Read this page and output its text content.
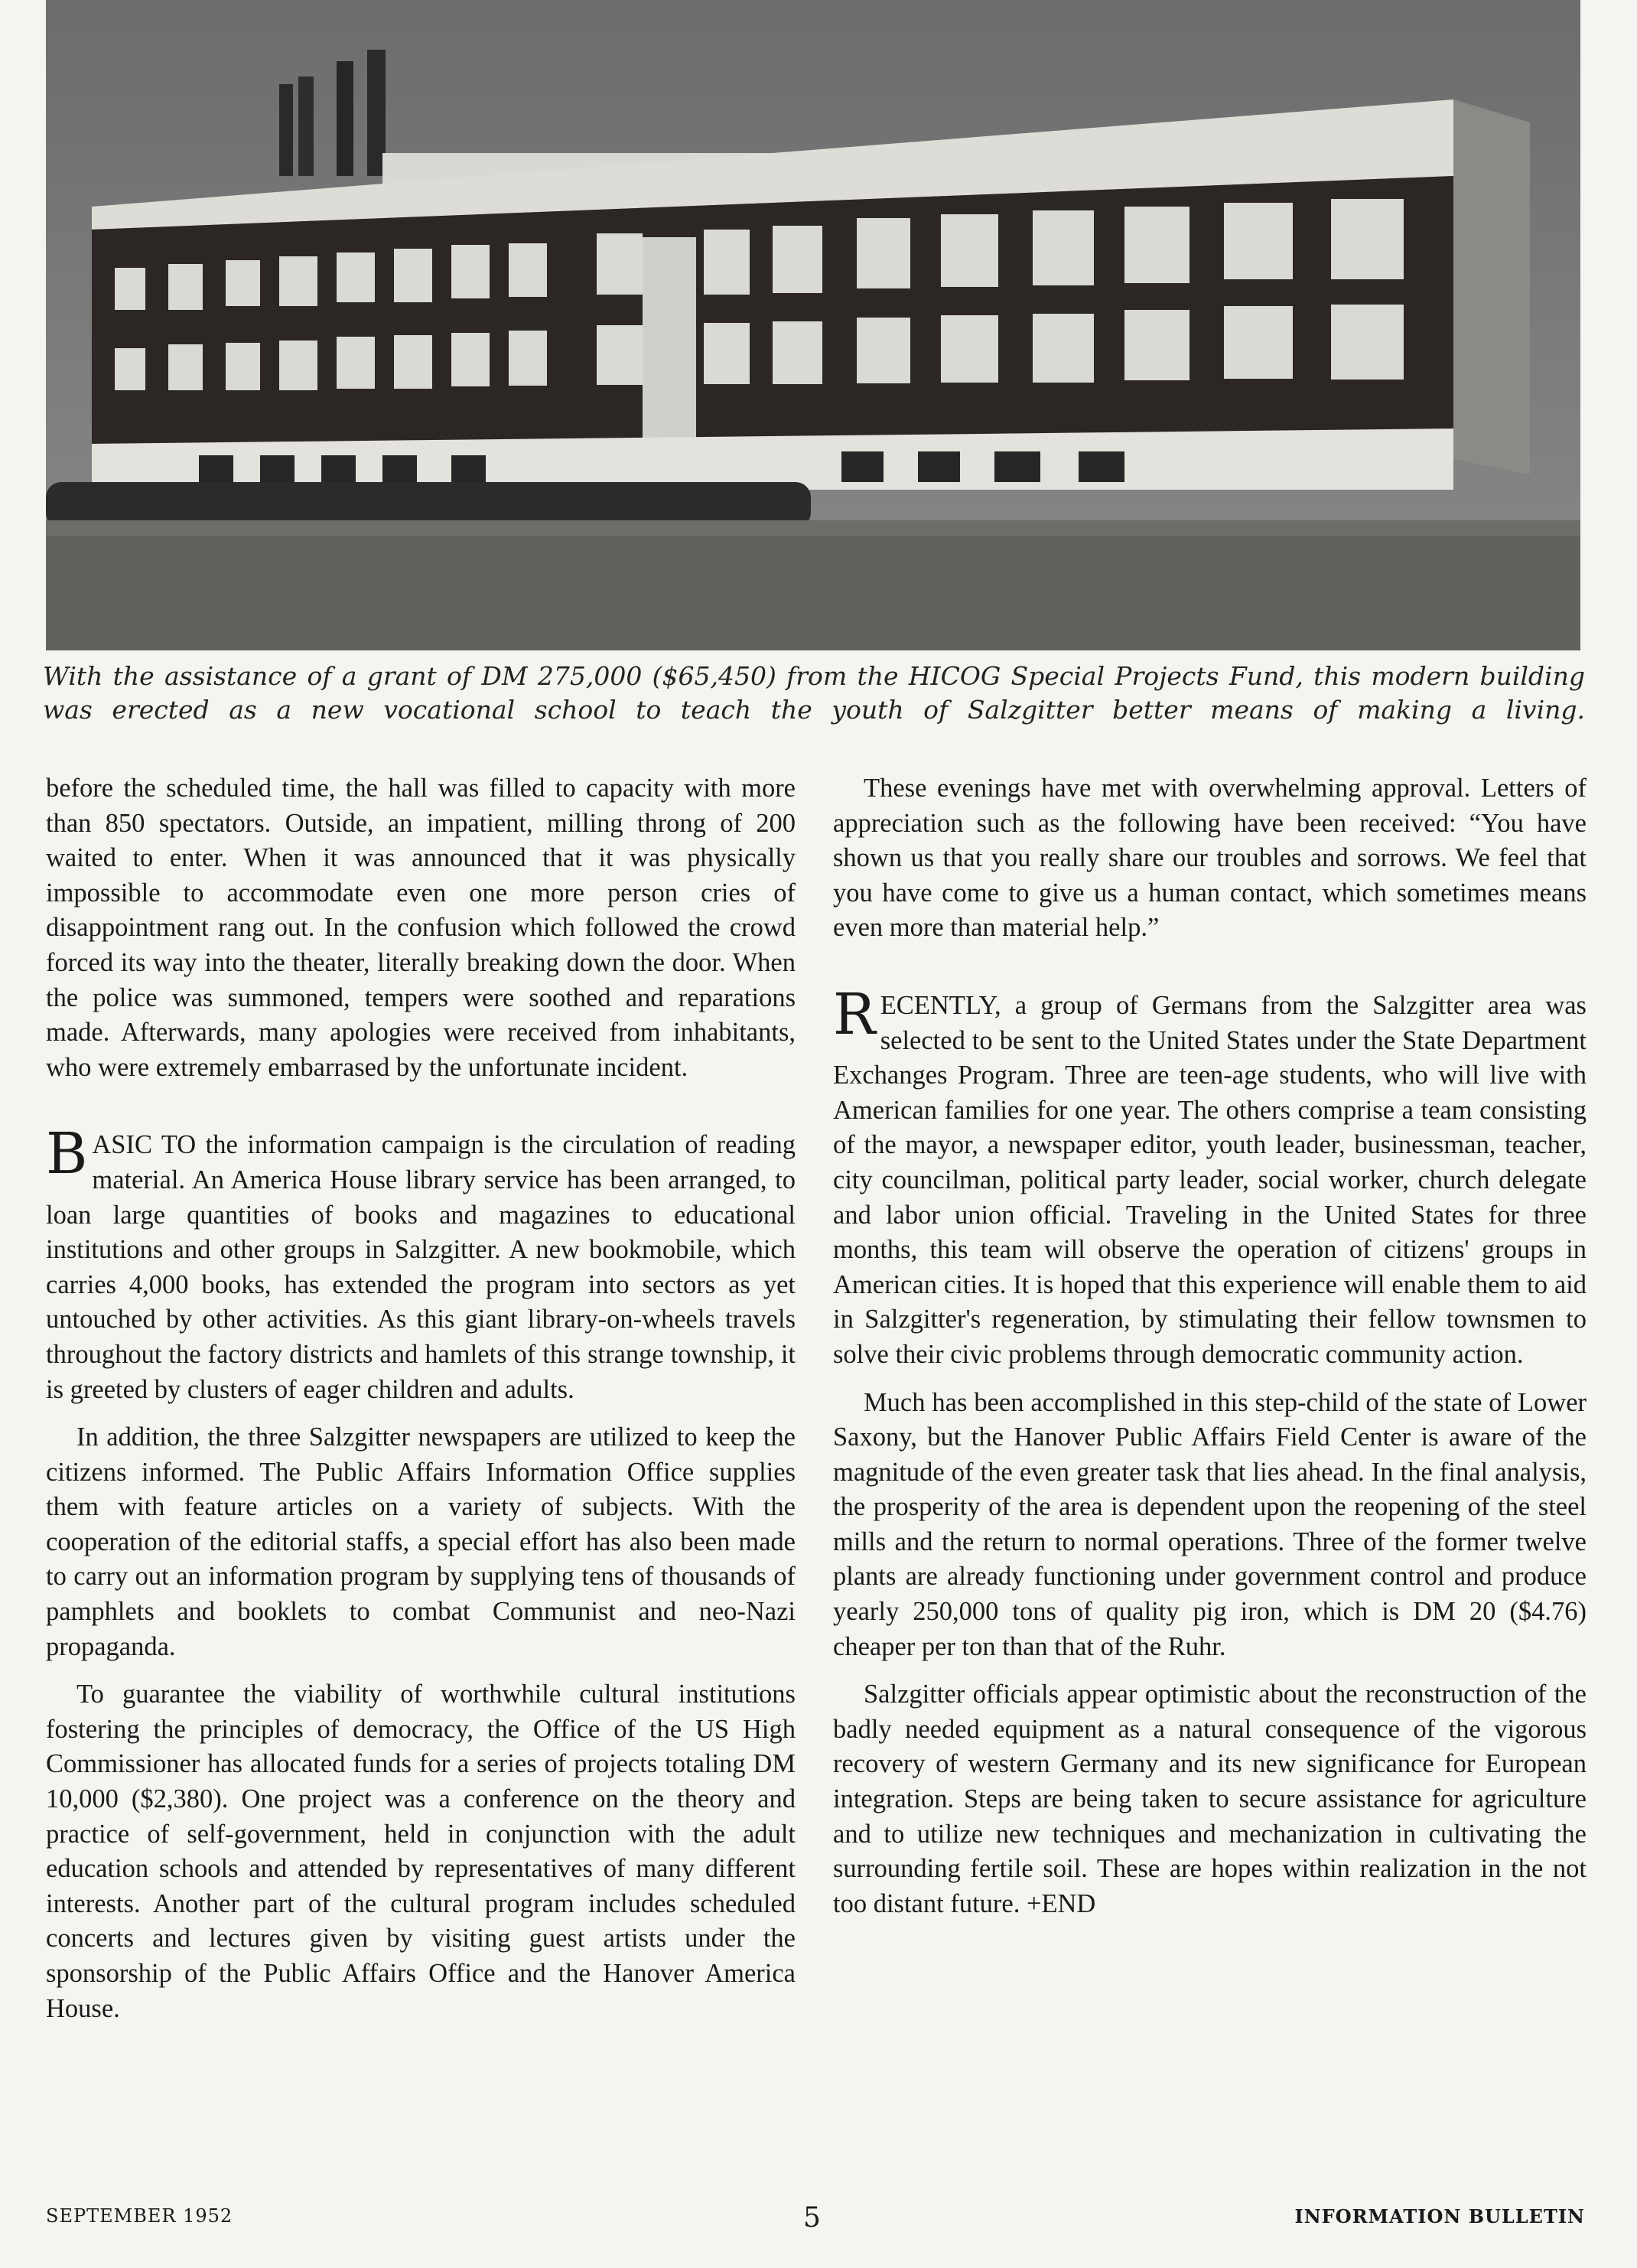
With the assistance of a grant of DM 275,000 ($65,450) from the HICOG Special Projects Fund, this modern building was erected as a new vocational school to teach the youth of Salzgitter better means of making a living.

before the scheduled time, the hall was filled to capacity with more than 850 spectators. Outside, an impatient, milling throng of 200 waited to enter. When it was announced that it was physically impossible to accommodate even one more person cries of disappointment rang out. In the confusion which followed the crowd forced its way into the theater, literally breaking down the door. When the police was summoned, tempers were soothed and reparations made. Afterwards, many apologies were received from inhabitants, who were extremely embarrased by the unfortunate incident.

BASIC TO the information campaign is the circulation of reading material. An America House library service has been arranged, to loan large quantities of books and magazines to educational institutions and other groups in Salzgitter. A new bookmobile, which carries 4,000 books, has extended the program into sectors as yet untouched by other activities. As this giant library-on-wheels travels throughout the factory districts and hamlets of this strange township, it is greeted by clusters of eager children and adults.

In addition, the three Salzgitter newspapers are utilized to keep the citizens informed. The Public Affairs Information Office supplies them with feature articles on a variety of subjects. With the cooperation of the editorial staffs, a special effort has also been made to carry out an information program by supplying tens of thousands of pamphlets and booklets to combat Communist and neo-Nazi propaganda.

To guarantee the viability of worthwhile cultural institutions fostering the principles of democracy, the Office of the US High Commissioner has allocated funds for a series of projects totaling DM 10,000 ($2,380). One project was a conference on the theory and practice of self-government, held in conjunction with the adult education schools and attended by representatives of many different interests. Another part of the cultural program includes scheduled concerts and lectures given by visiting guest artists under the sponsorship of the Public Affairs Office and the Hanover America House.

These evenings have met with overwhelming approval. Letters of appreciation such as the following have been received: “You have shown us that you really share our troubles and sorrows. We feel that you have come to give us a human contact, which sometimes means even more than material help.”

RECENTLY, a group of Germans from the Salzgitter area was selected to be sent to the United States under the State Department Exchanges Program. Three are teen-age students, who will live with American families for one year. The others comprise a team consisting of the mayor, a newspaper editor, youth leader, businessman, teacher, city councilman, political party leader, social worker, church delegate and labor union official. Traveling in the United States for three months, this team will observe the operation of citizens' groups in American cities. It is hoped that this experience will enable them to aid in Salzgitter's regeneration, by stimulating their fellow townsmen to solve their civic problems through democratic community action.

Much has been accomplished in this step-child of the state of Lower Saxony, but the Hanover Public Affairs Field Center is aware of the magnitude of the even greater task that lies ahead. In the final analysis, the prosperity of the area is dependent upon the reopening of the steel mills and the return to normal operations. Three of the former twelve plants are already functioning under government control and produce yearly 250,000 tons of quality pig iron, which is DM 20 ($4.76) cheaper per ton than that of the Ruhr.

Salzgitter officials appear optimistic about the reconstruction of the badly needed equipment as a natural consequence of the vigorous recovery of western Germany and its new significance for European integration. Steps are being taken to secure assistance for agriculture and to utilize new techniques and mechanization in cultivating the surrounding fertile soil. These are hopes within realization in the not too distant future. +END

SEPTEMBER 1952	5	INFORMATION BULLETIN
